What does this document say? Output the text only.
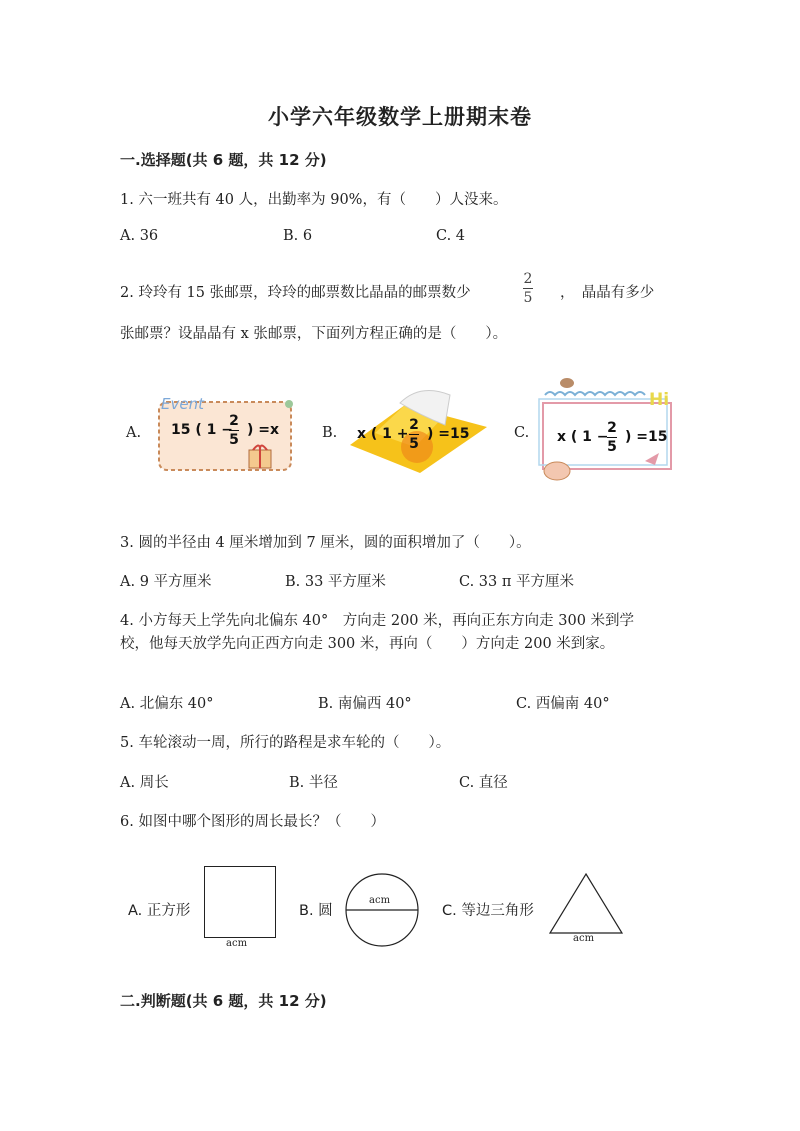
小学六年级数学上册期末卷
一.选择题(共 6 题，共 12 分)
1. 六一班共有 40 人，出勤率为 90%，有（　　）人没来。
A. 36	B. 6	C. 4
2. 玲玲有 15 张邮票，玲玲的邮票数比晶晶的邮票数少
2
5 ，　晶晶有多少
张邮票？设晶晶有 x 张邮票，下面列方程正确的是（　　）。
A.
Event
15 ( 1 −
2
5
) =x	B. x ( 1 +
2
5
) =15	C.
Hi
x ( 1 −
2
5
) =15
3. 圆的半径由 4 厘米增加到 7 厘米，圆的面积增加了（　　）。
A. 9 平方厘米	B. 33 平方厘米	C. 33 π 平方厘米
4. 小方每天上学先向北偏东 40°　方向走 200 米，再向正东方向走 300 米到学
校，他每天放学先向正西方向走 300 米，再向（　　）方向走 200 米到家。
A. 北偏东 40°	B. 南偏西 40°	C. 西偏南 40°
5. 车轮滚动一周，所行的路程是求车轮的（　　）。
A. 周长	B. 半径	C. 直径
6. 如图中哪个图形的周长最长？（　　）
A. 正方形
acm
B. 圆
acm
C. 等边三角形
acm
二.判断题(共 6 题，共 12 分)
